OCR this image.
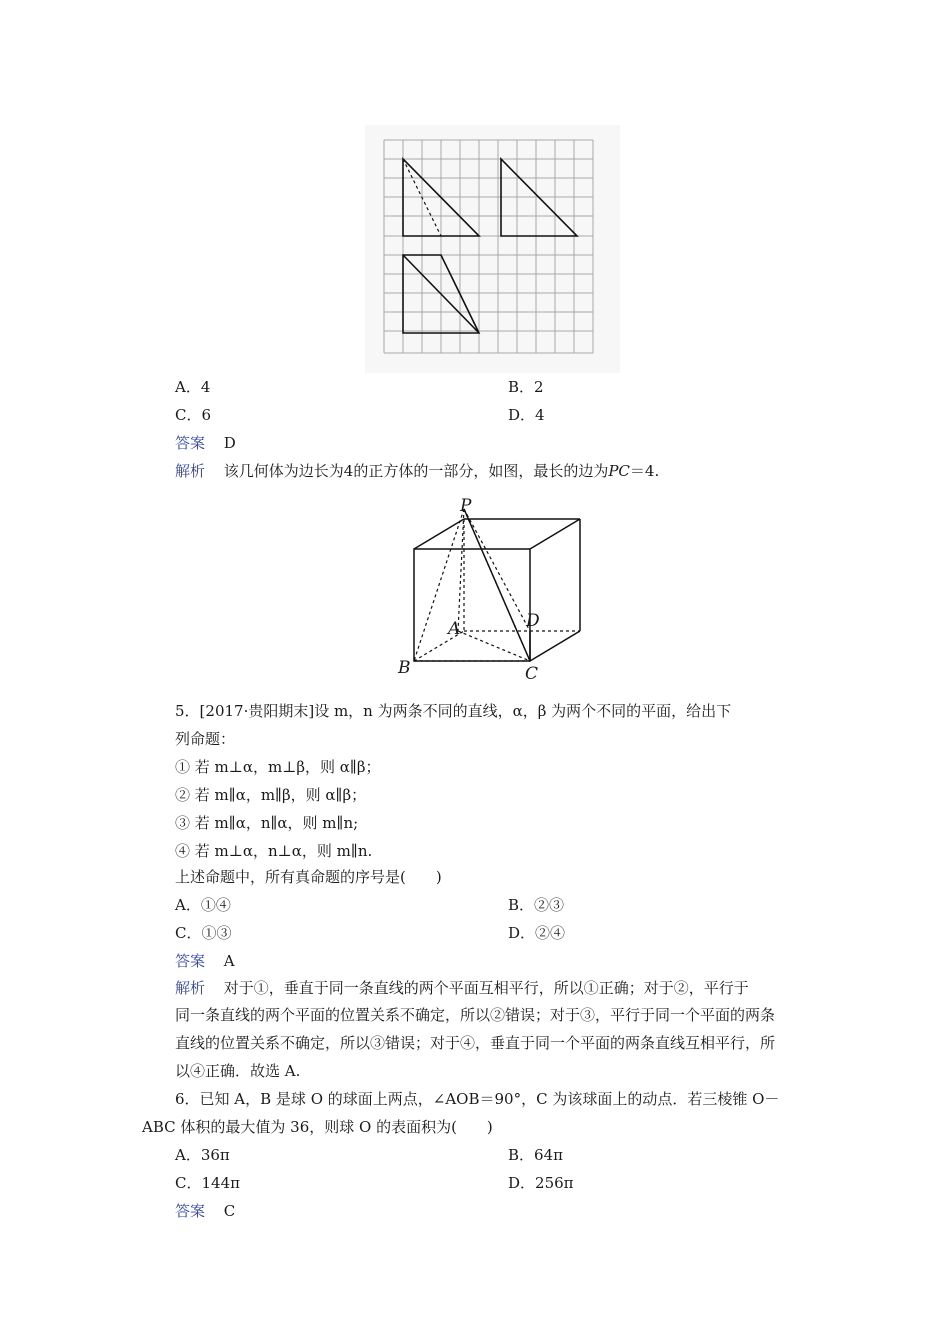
A．4	B．2
C．6	D．4
答案 D
解析 该几何体为边长为4的正方体的一部分，如图，最长的边为PC＝4.
P
A
B	C
D
5．[2017·贵阳期末]设 m，n 为两条不同的直线，α，β 为两个不同的平面，给出下
列命题：
① 若 m⊥α，m⊥β，则 α∥β；
② 若 m∥α，m∥β，则 α∥β；
③ 若 m∥α，n∥α，则 m∥n;
④ 若 m⊥α，n⊥α，则 m∥n.
上述命题中，所有真命题的序号是(　　)
A．①④	B．②③
C．①③	D．②④
答案 A
解析 对于①，垂直于同一条直线的两个平面互相平行，所以①正确；对于②，平行于
同一条直线的两个平面的位置关系不确定，所以②错误；对于③，平行于同一个平面的两条
直线的位置关系不确定，所以③错误；对于④，垂直于同一个平面的两条直线互相平行，所
以④正确．故选 A.
6．已知 A，B 是球 O 的球面上两点，∠AOB＝90°，C 为该球面上的动点．若三棱锥 O－
ABC 体积的最大值为 36，则球 O 的表面积为(　　)
A．36π	B．64π
C．144π	D．256π
答案 C
